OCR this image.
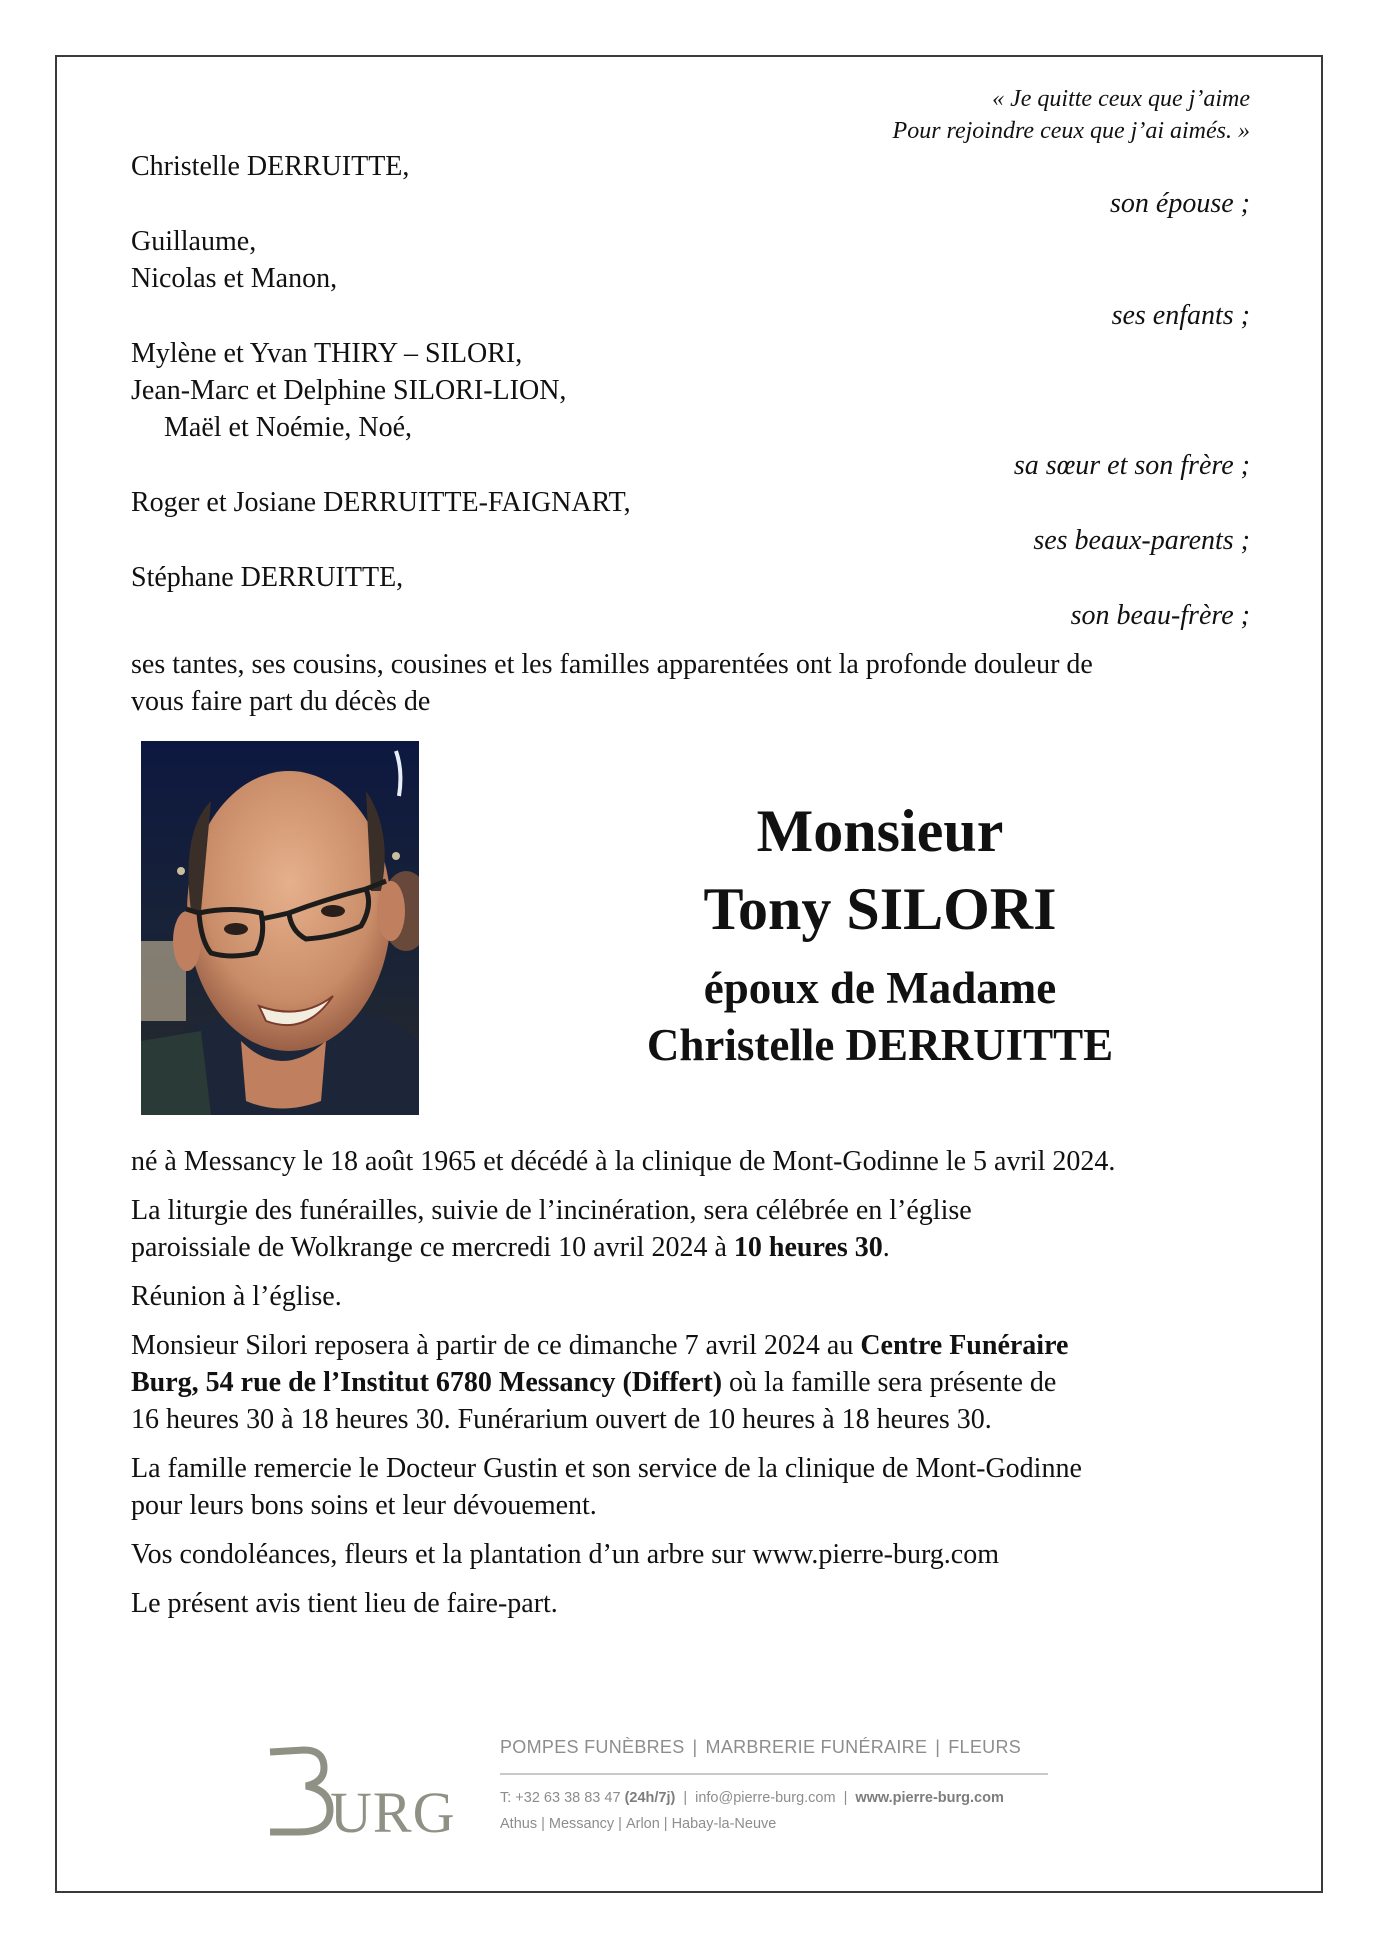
« Je quitte ceux que j’aime
Pour rejoindre ceux que j’ai aimés. »
Christelle DERRUITTE,
son épouse ;
Guillaume,
Nicolas et Manon,
ses enfants ;
Mylène et Yvan THIRY – SILORI,
Jean-Marc et Delphine SILORI-LION,
Maël et Noémie, Noé,
sa sœur et son frère ;
Roger et Josiane DERRUITTE-FAIGNART,
ses beaux-parents ;
Stéphane DERRUITTE,
son beau-frère ;
ses tantes, ses cousins, cousines et les familles apparentées ont la profonde douleur de
vous faire part du décès de
Monsieur
Tony SILORI
époux de Madame
Christelle DERRUITTE
né à Messancy le 18 août 1965 et décédé à la clinique de Mont-Godinne le 5 avril 2024.
La liturgie des funérailles, suivie de l’incinération, sera célébrée en l’église
paroissiale de Wolkrange ce mercredi 10 avril 2024 à 10 heures 30.
Réunion à l’église.
Monsieur Silori reposera à partir de ce dimanche 7 avril 2024 au Centre Funéraire
Burg, 54 rue de l’Institut 6780 Messancy (Differt) où la famille sera présente de
16 heures 30 à 18 heures 30. Funérarium ouvert de 10 heures à 18 heures 30.
La famille remercie le Docteur Gustin et son service de la clinique de Mont-Godinne
pour leurs bons soins et leur dévouement.
Vos condoléances, fleurs et la plantation d’un arbre sur www.pierre-burg.com
Le présent avis tient lieu de faire-part.
URG
POMPES FUNÈBRES | MARBRERIE FUNÉRAIRE | FLEURS
T: +32 63 38 83 47 (24h/7j) | info@pierre-burg.com | www.pierre-burg.com
Athus | Messancy | Arlon | Habay-la-Neuve
